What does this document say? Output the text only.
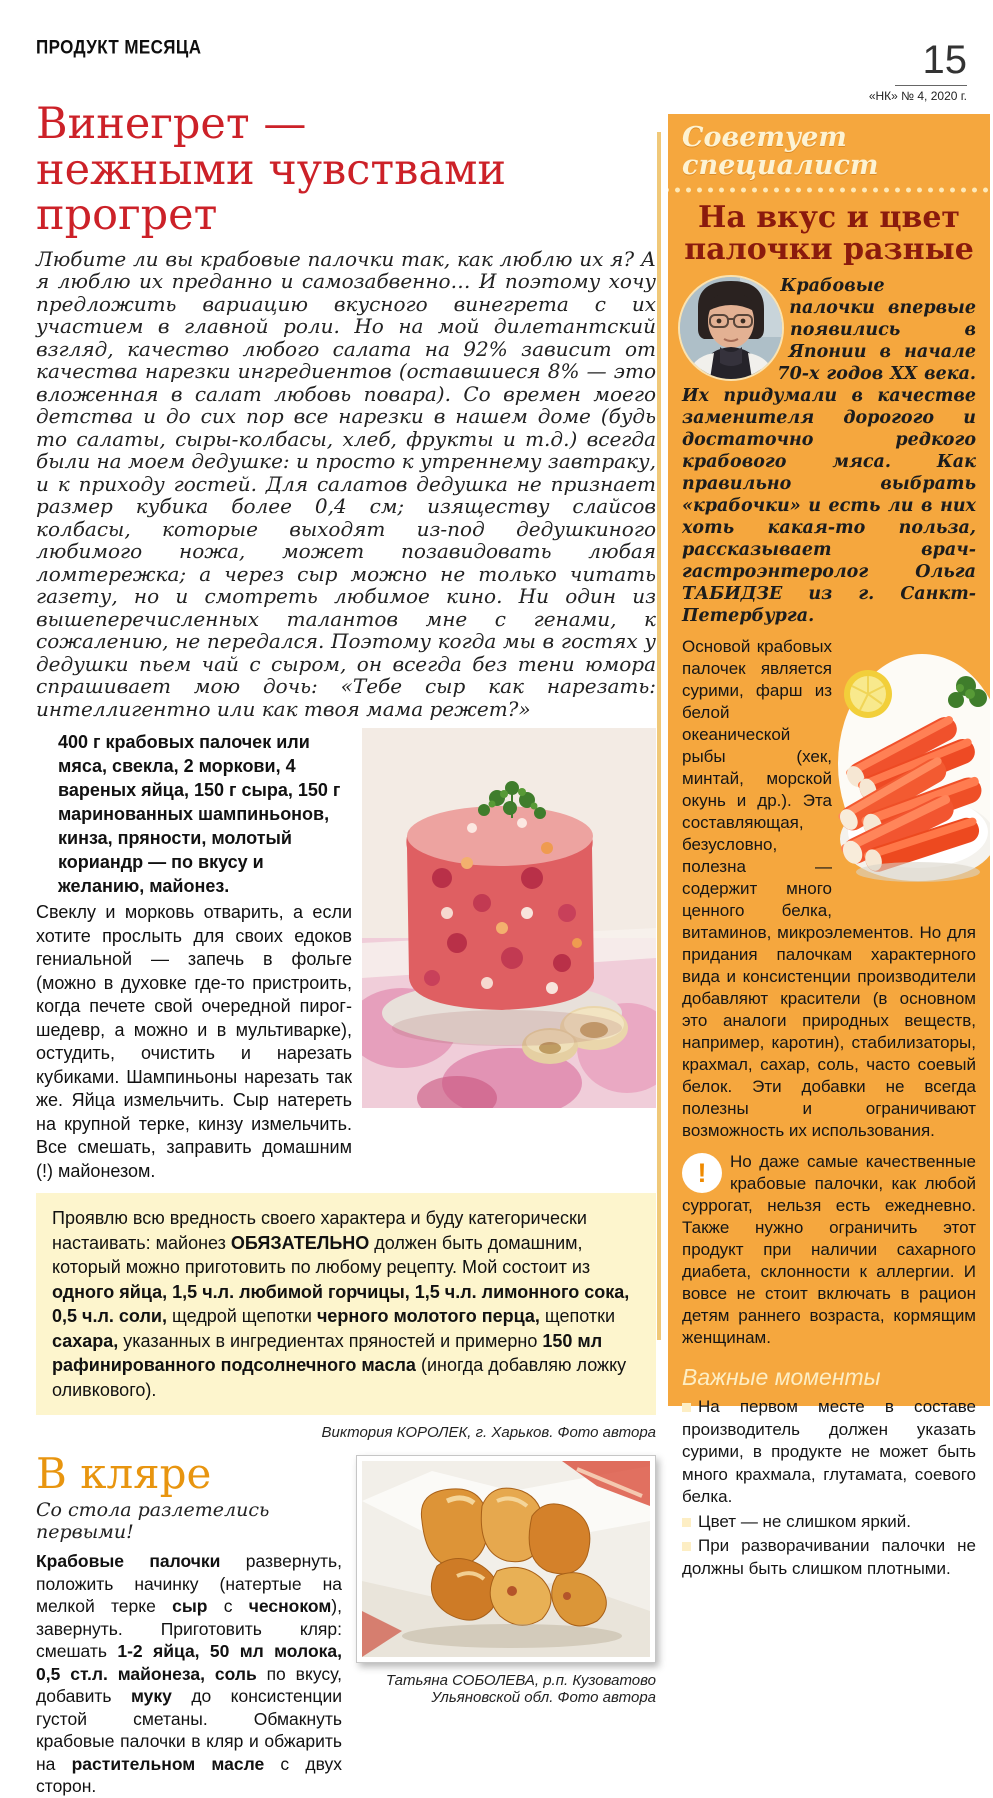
ПРОДУКТ МЕСЯЦА	15
«НК» № 4, 2020 г.
Винегрет —
нежными чувствами прогрет

Любите ли вы крабовые палочки так, как люблю их я? А я люблю их преданно и самозабвенно… И поэтому хочу предложить вариацию вкусного винегрета с их участием в главной роли. Но на мой дилетантский взгляд, качество любого салата на 92% зависит от качества нарезки ингредиентов (оставшиеся 8% — это вложенная в салат любовь повара). Со времен моего детства и до сих пор все нарезки в нашем доме (будь то салаты, сыры-колбасы, хлеб, фрукты и т.д.) всегда были на моем дедушке: и просто к утреннему завтраку, и к приходу гостей. Для салатов дедушка не признает размер кубика более 0,4 см; изяществу слайсов колбасы, которые выходят из-под дедушкиного любимого ножа, может позавидовать любая ломтережка; а через сыр можно не только читать газету, но и смотреть любимое кино. Ни один из вышеперечисленных талантов мне с генами, к сожалению, не передался. Поэтому когда мы в гостях у дедушки пьем чай с сыром, он всегда без тени юмора спрашивает мою дочь: «Тебе сыр как нарезать: интеллигентно или как твоя мама режет?»

400 г крабовых палочек или мяса, свекла, 2 моркови, 4 вареных яйца, 150 г сыра, 150 г маринованных шампиньонов, кинза, пряности, молотый кориандр — по вкусу и желанию, майонез.

Свеклу и морковь отварить, а если хотите прослыть для своих едоков гениальной — запечь в фольге (можно в духовке где-то пристроить, когда печете свой очередной пирог-шедевр, а можно и в мультиварке), остудить, очистить и нарезать кубиками. Шампиньоны нарезать так же. Яйца измельчить. Сыр натереть на крупной терке, кинзу измельчить. Все смешать, заправить домашним (!) майонезом.

Проявлю всю вредность своего характера и буду категорически настаивать: майонез ОБЯЗАТЕЛЬНО должен быть домашним, который можно приготовить по любому рецепту. Мой состоит из одного яйца, 1,5 ч.л. любимой горчицы, 1,5 ч.л. лимонного сока, 0,5 ч.л. соли, щедрой щепотки черного молотого перца, щепотки сахара, указанных в ингредиентах пряностей и примерно 150 мл рафинированного подсолнечного масла (иногда добавляю ложку оливкового).
Виктория КОРОЛЕК, г. Харьков. Фото автора
В кляре

Со стола разлетелись первыми!

Крабовые палочки развернуть, положить начинку (натертые на мелкой терке сыр с чесноком), завернуть. Приготовить кляр: смешать 1-2 яйца, 50 мл молока, 0,5 ст.л. майонеза, соль по вкусу, добавить муку до консистенции густой сметаны. Обмакнуть крабовые палочки в кляр и обжарить на растительном масле с двух сторон.

Татьяна СОБОЛЕВА, р.п. Кузоватово Ульяновской обл. Фото автора
Советует
специалист
На вкус и цвет
палочки разные

Крабовые палочки впервые появились в Японии в начале 70-х годов XX века. Их придумали в качестве заменителя дорогого и достаточно редкого крабового мяса. Как правильно выбрать «крабочки» и есть ли в них хоть какая-то польза, рассказывает врач-гастроэнтеролог Ольга ТАБИДЗЕ из г. Санкт-Петербурга.

Основой крабовых палочек является сурими, фарш из белой океанической рыбы (хек, минтай, морской окунь и др.). Эта составляющая, безусловно, полезна — содержит много ценного белка, витаминов, микроэлементов. Но для придания палочкам характерного вида и консистенции производители добавляют красители (в основном это аналоги природных веществ, например, каротин), стабилизаторы, крахмал, сахар, соль, часто соевый белок. Эти добавки не всегда полезны и ограничивают возможность их использования.

!	Но даже самые качественные крабовые палочки, как любой суррогат, нельзя есть ежедневно. Также нужно ограничить этот продукт при наличии сахарного диабета, склонности к аллергии. И вовсе не стоит включать в рацион детям раннего возраста, кормящим женщинам.

Важные моменты
На первом месте в составе производитель должен указать сурими, в продукте не может быть много крахмала, глутамата, соевого белка.
Цвет — не слишком яркий.
При разворачивании палочки не должны быть слишком плотными.
